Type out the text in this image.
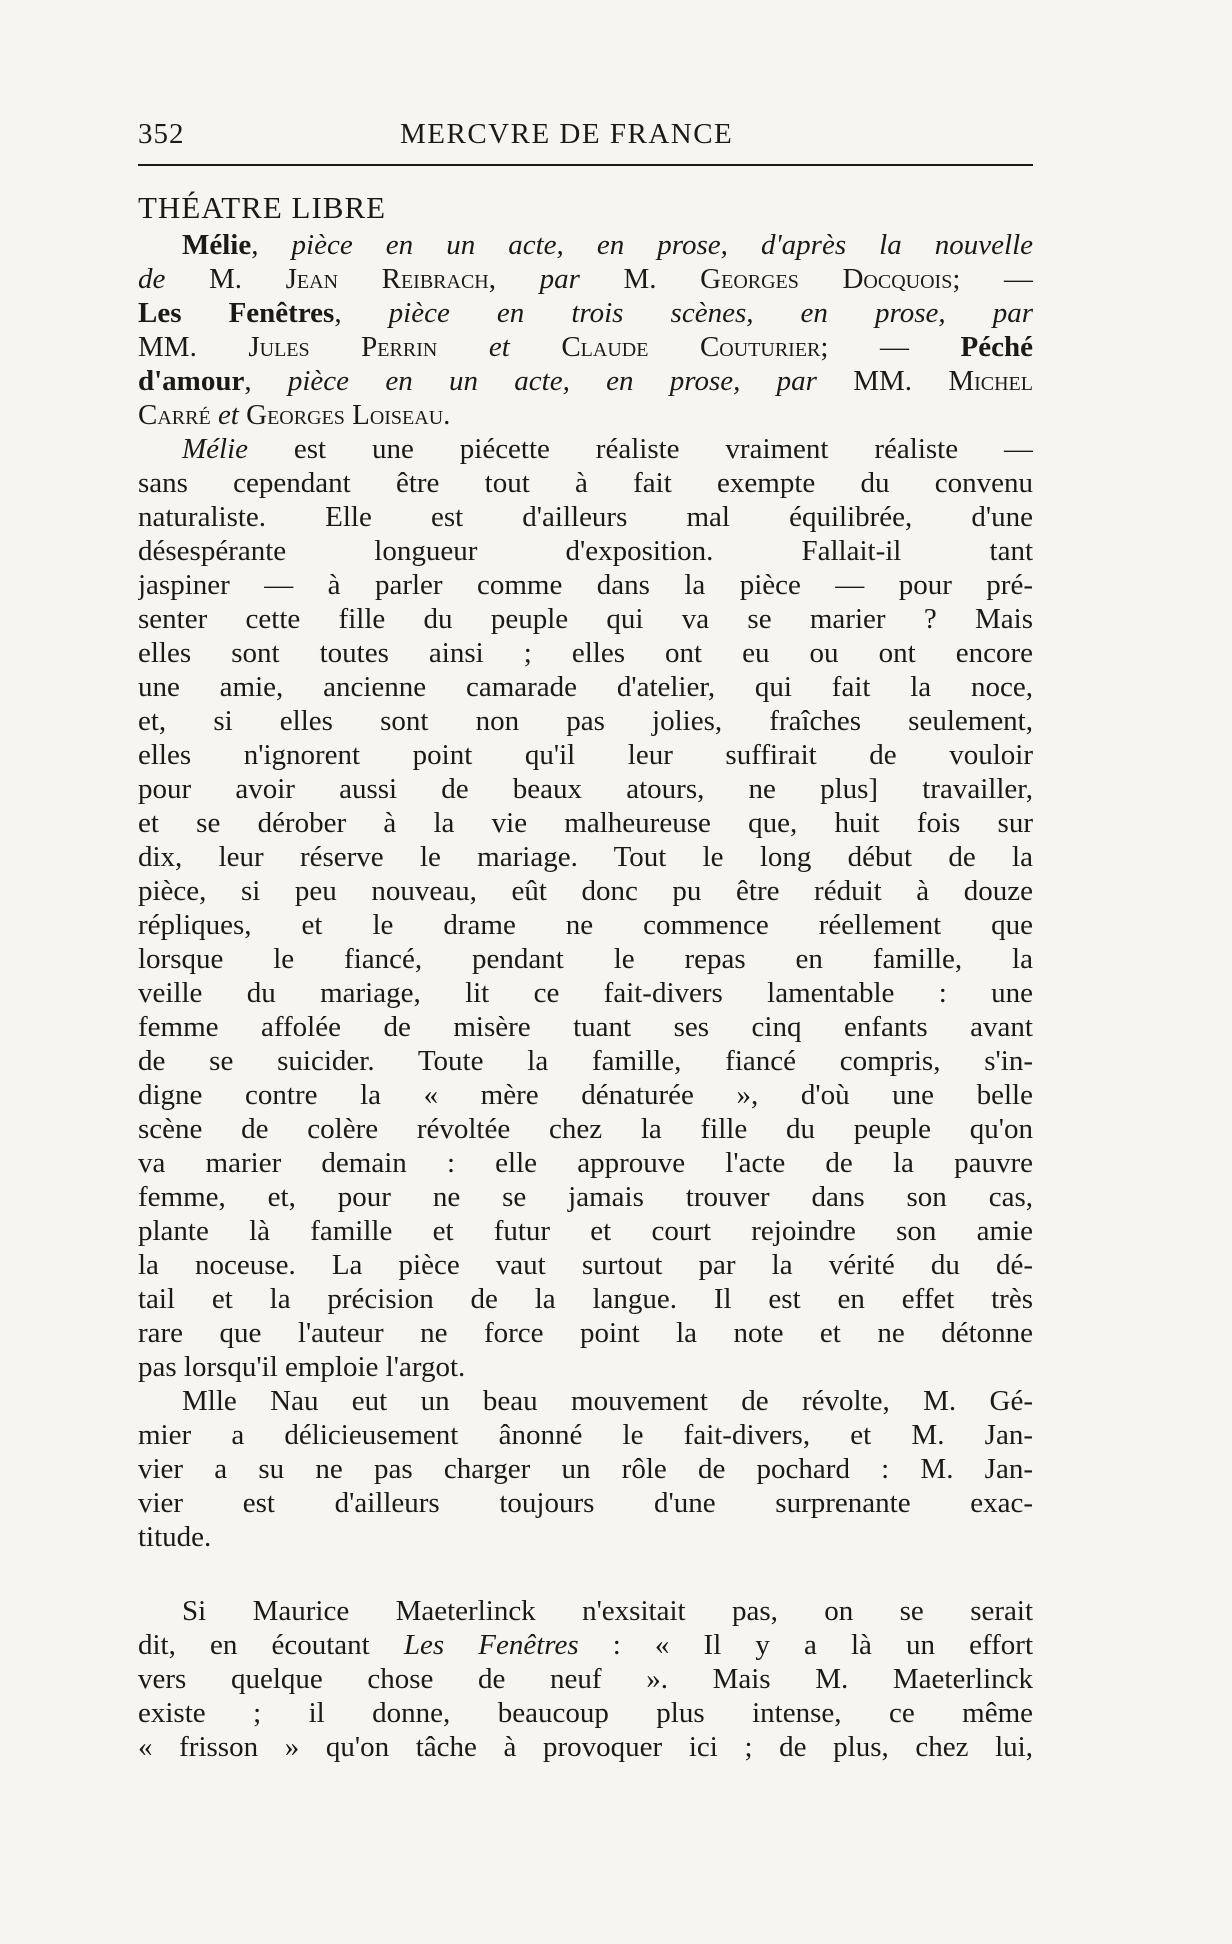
352	MERCVRE DE FRANCE
THÉATRE LIBRE
Mélie, pièce en un acte, en prose, d'après la nouvelle
de M. Jean Reibrach, par M. Georges Docquois; —
Les Fenêtres, pièce en trois scènes, en prose, par
MM. Jules Perrin et Claude Couturier; — Péché
d'amour, pièce en un acte, en prose, par MM. Michel
Carré et Georges Loiseau.
Mélie est une piécette réaliste vraiment réaliste —
sans cependant être tout à fait exempte du convenu
naturaliste. Elle est d'ailleurs mal équilibrée, d'une
désespérante longueur d'exposition. Fallait-il tant
jaspiner — à parler comme dans la pièce — pour pré-
senter cette fille du peuple qui va se marier ? Mais
elles sont toutes ainsi ; elles ont eu ou ont encore
une amie, ancienne camarade d'atelier, qui fait la noce,
et, si elles sont non pas jolies, fraîches seulement,
elles n'ignorent point qu'il leur suffirait de vouloir
pour avoir aussi de beaux atours, ne plus] travailler,
et se dérober à la vie malheureuse que, huit fois sur
dix, leur réserve le mariage. Tout le long début de la
pièce, si peu nouveau, eût donc pu être réduit à douze
répliques, et le drame ne commence réellement que
lorsque le fiancé, pendant le repas en famille, la
veille du mariage, lit ce fait-divers lamentable : une
femme affolée de misère tuant ses cinq enfants avant
de se suicider. Toute la famille, fiancé compris, s'in-
digne contre la « mère dénaturée », d'où une belle
scène de colère révoltée chez la fille du peuple qu'on
va marier demain : elle approuve l'acte de la pauvre
femme, et, pour ne se jamais trouver dans son cas,
plante là famille et futur et court rejoindre son amie
la noceuse. La pièce vaut surtout par la vérité du dé-
tail et la précision de la langue. Il est en effet très
rare que l'auteur ne force point la note et ne détonne
pas lorsqu'il emploie l'argot.
Mlle Nau eut un beau mouvement de révolte, M. Gé-
mier a délicieusement ânonné le fait-divers, et M. Jan-
vier a su ne pas charger un rôle de pochard : M. Jan-
vier est d'ailleurs toujours d'une surprenante exac-
titude.
Si Maurice Maeterlinck n'exsitait pas, on se serait
dit, en écoutant Les Fenêtres : « Il y a là un effort
vers quelque chose de neuf ». Mais M. Maeterlinck
existe ; il donne, beaucoup plus intense, ce même
« frisson » qu'on tâche à provoquer ici ; de plus, chez lui,
